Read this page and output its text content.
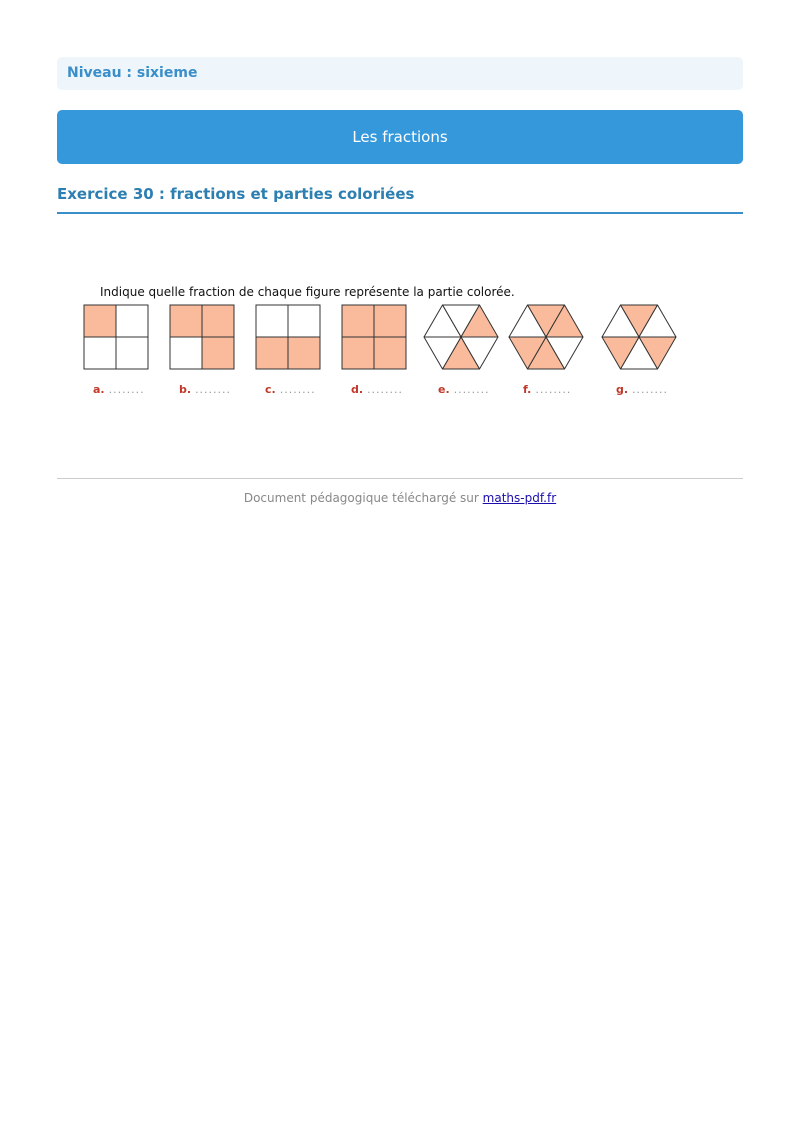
Niveau : sixieme
Les fractions
Exercice 30 : fractions et parties coloriées
Indique quelle fraction de chaque figure représente la partie colorée.
a. ........	b. ........	c. ........	d. ........	e. ........	f. ........	g. ........
Document pédagogique téléchargé sur maths-pdf.fr
